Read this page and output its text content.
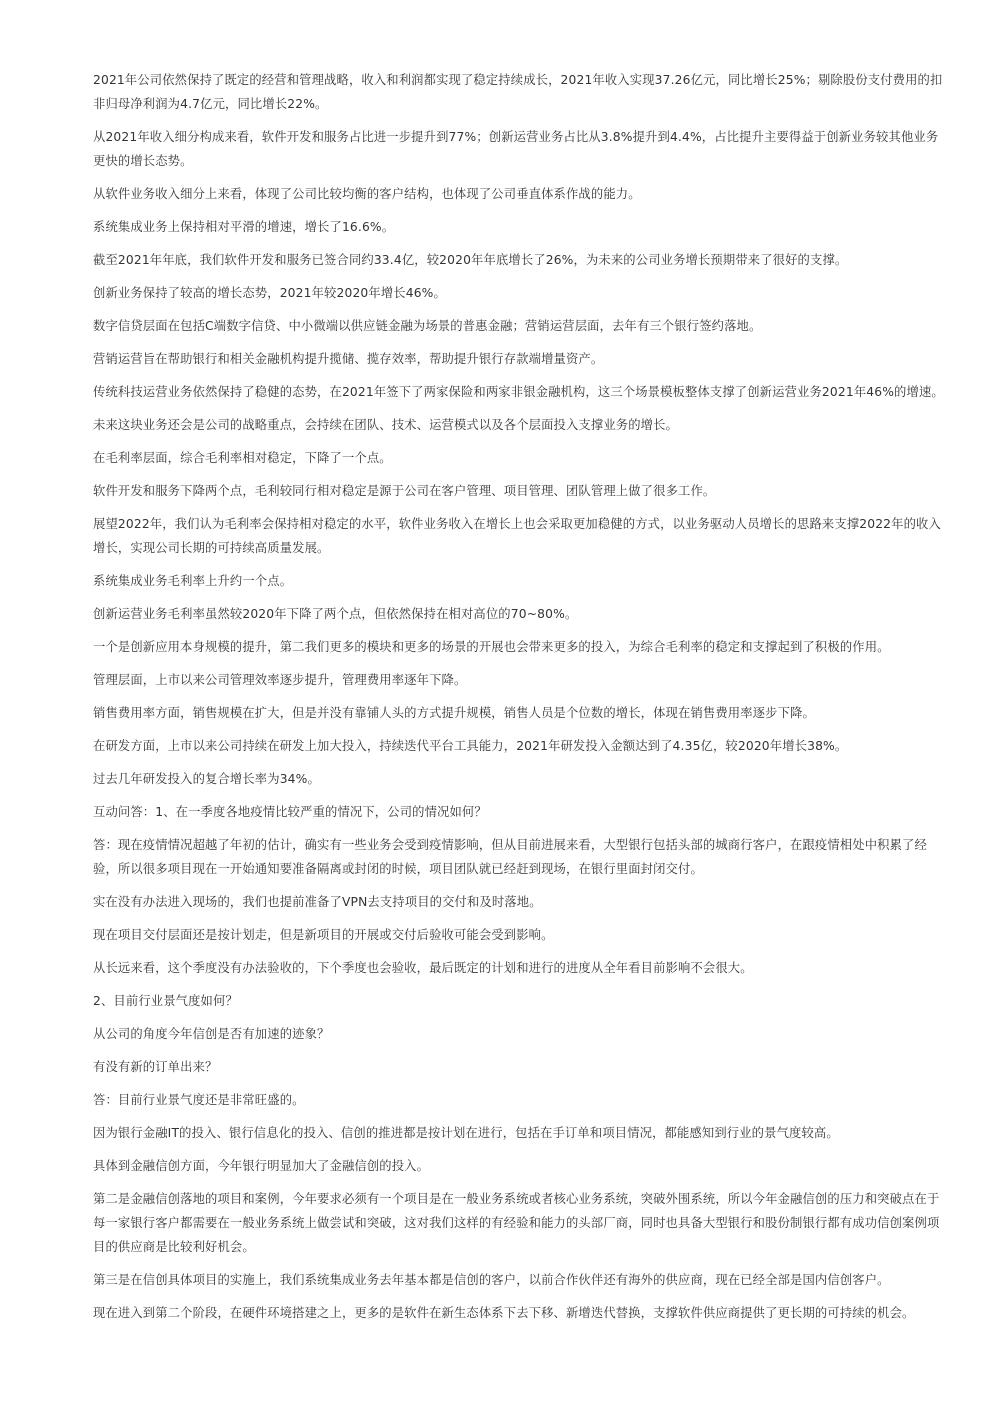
2021年公司依然保持了既定的经营和管理战略，收入和利润都实现了稳定持续成长，2021年收入实现37.26亿元，同比增长25%；剔除股份支付费用的扣非归母净利润为4.7亿元，同比增长22%。

从2021年收入细分构成来看，软件开发和服务占比进一步提升到77%；创新运营业务占比从3.8%提升到4.4%，占比提升主要得益于创新业务较其他业务更快的增长态势。

从软件业务收入细分上来看，体现了公司比较均衡的客户结构，也体现了公司垂直体系作战的能力。

系统集成业务上保持相对平滑的增速，增长了16.6%。

截至2021年年底，我们软件开发和服务已签合同约33.4亿，较2020年年底增长了26%，为未来的公司业务增长预期带来了很好的支撑。

创新业务保持了较高的增长态势，2021年较2020年增长46%。

数字信贷层面在包括C端数字信贷、中小微端以供应链金融为场景的普惠金融；营销运营层面，去年有三个银行签约落地。

营销运营旨在帮助银行和相关金融机构提升揽储、揽存效率，帮助提升银行存款端增量资产。

传统科技运营业务依然保持了稳健的态势，在2021年签下了两家保险和两家非银金融机构，这三个场景模板整体支撑了创新运营业务2021年46%的增速。

未来这块业务还会是公司的战略重点，会持续在团队、技术、运营模式以及各个层面投入支撑业务的增长。

在毛利率层面，综合毛利率相对稳定，下降了一个点。

软件开发和服务下降两个点，毛利较同行相对稳定是源于公司在客户管理、项目管理、团队管理上做了很多工作。

展望2022年，我们认为毛利率会保持相对稳定的水平，软件业务收入在增长上也会采取更加稳健的方式，以业务驱动人员增长的思路来支撑2022年的收入增长，实现公司长期的可持续高质量发展。

系统集成业务毛利率上升约一个点。

创新运营业务毛利率虽然较2020年下降了两个点，但依然保持在相对高位的70~80%。

一个是创新应用本身规模的提升，第二我们更多的模块和更多的场景的开展也会带来更多的投入，为综合毛利率的稳定和支撑起到了积极的作用。

管理层面，上市以来公司管理效率逐步提升，管理费用率逐年下降。

销售费用率方面，销售规模在扩大，但是并没有靠铺人头的方式提升规模，销售人员是个位数的增长，体现在销售费用率逐步下降。

在研发方面，上市以来公司持续在研发上加大投入，持续迭代平台工具能力，2021年研发投入金额达到了4.35亿，较2020年增长38%。

过去几年研发投入的复合增长率为34%。

互动问答：1、在一季度各地疫情比较严重的情况下，公司的情况如何？

答：现在疫情情况超越了年初的估计，确实有一些业务会受到疫情影响，但从目前进展来看，大型银行包括头部的城商行客户，在跟疫情相处中积累了经验，所以很多项目现在一开始通知要准备隔离或封闭的时候，项目团队就已经赶到现场，在银行里面封闭交付。

实在没有办法进入现场的，我们也提前准备了VPN去支持项目的交付和及时落地。

现在项目交付层面还是按计划走，但是新项目的开展或交付后验收可能会受到影响。

从长远来看，这个季度没有办法验收的，下个季度也会验收，最后既定的计划和进行的进度从全年看目前影响不会很大。

2、目前行业景气度如何？

从公司的角度今年信创是否有加速的迹象？

有没有新的订单出来？

答：目前行业景气度还是非常旺盛的。

因为银行金融IT的投入、银行信息化的投入、信创的推进都是按计划在进行，包括在手订单和项目情况，都能感知到行业的景气度较高。

具体到金融信创方面，今年银行明显加大了金融信创的投入。

第二是金融信创落地的项目和案例，今年要求必须有一个项目是在一般业务系统或者核心业务系统，突破外围系统，所以今年金融信创的压力和突破点在于每一家银行客户都需要在一般业务系统上做尝试和突破，这对我们这样的有经验和能力的头部厂商，同时也具备大型银行和股份制银行都有成功信创案例项目的供应商是比较利好机会。

第三是在信创具体项目的实施上，我们系统集成业务去年基本都是信创的客户，以前合作伙伴还有海外的供应商，现在已经全部是国内信创客户。

现在进入到第二个阶段，在硬件环境搭建之上，更多的是软件在新生态体系下去下移、新增迭代替换，支撑软件供应商提供了更长期的可持续的机会。
